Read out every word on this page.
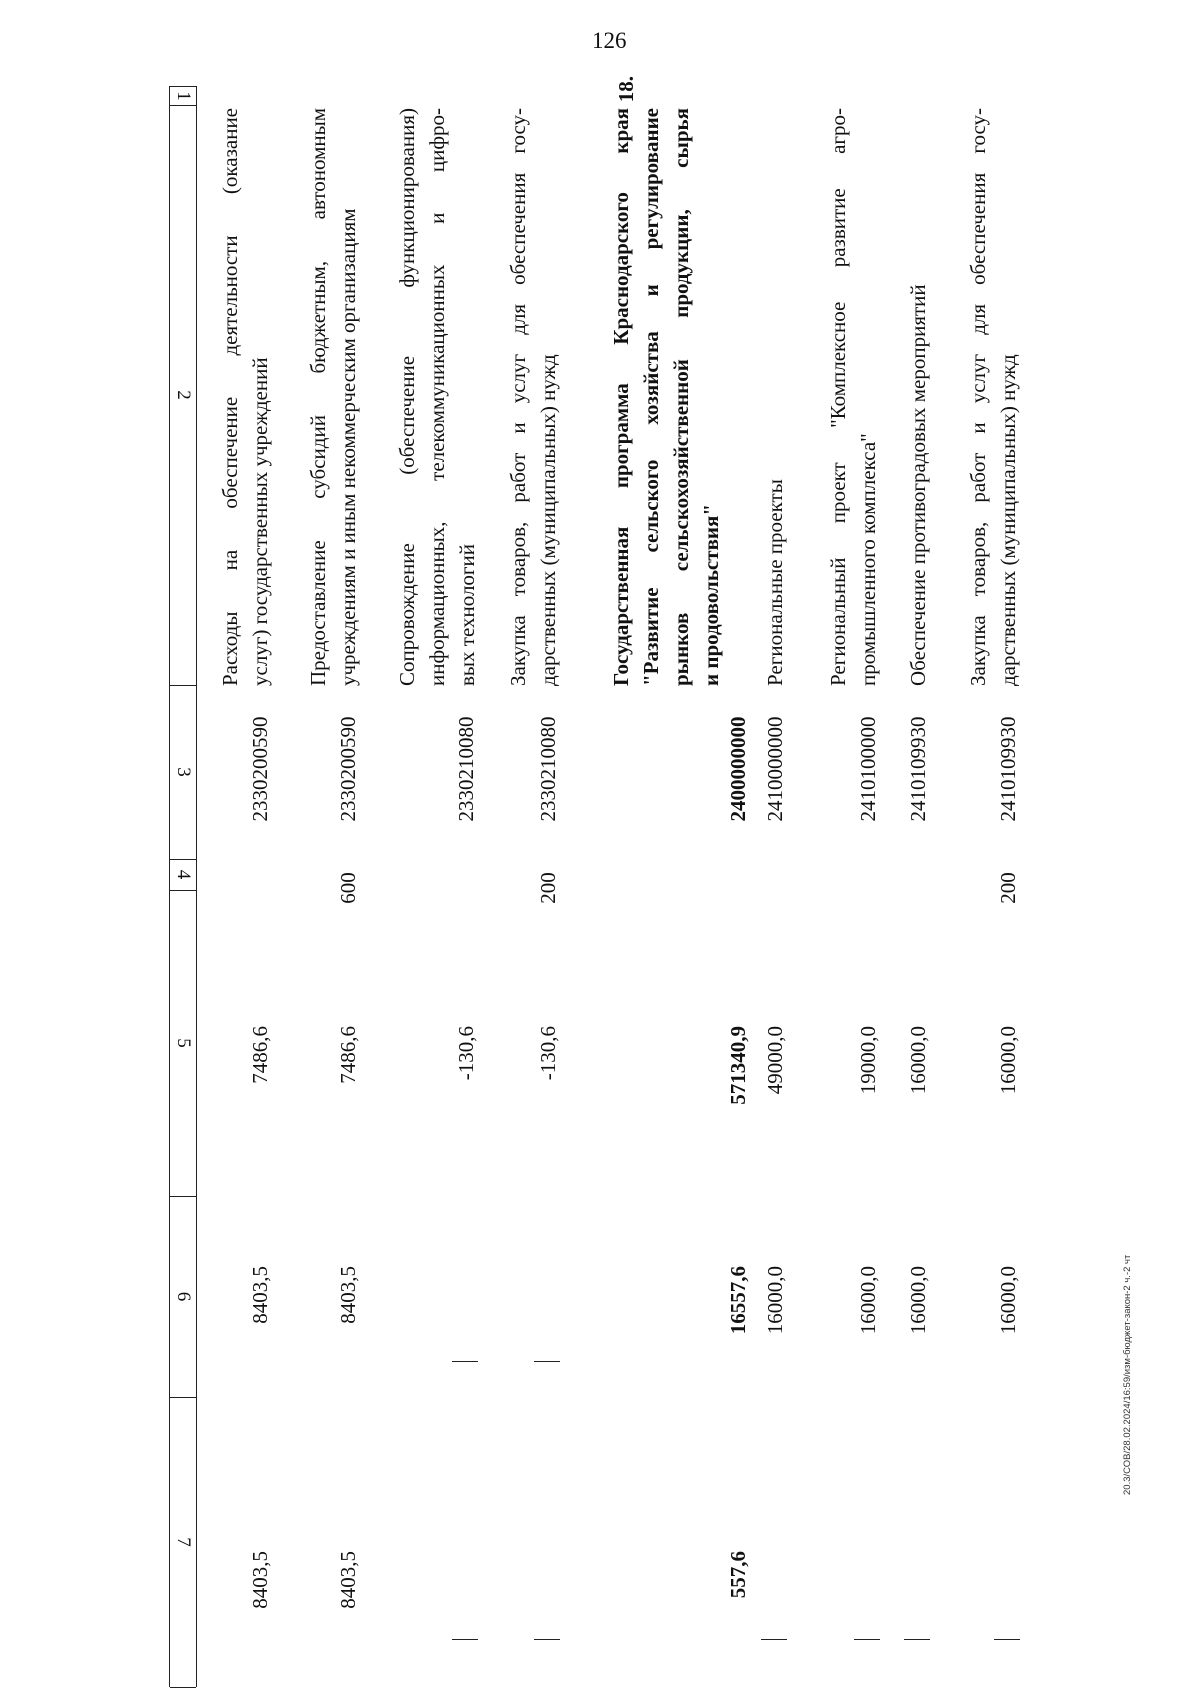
126
20.3/СОВ/28.02.2024/16:59/изм-бюджет-закон-2 ч.-2 чт
1
2
3
4
5
6
7
Расходы на обеспечение деятельности (оказание услуг) государственных учреждений
2330200590
7486,6
8403,5
8403,5
Предоставление субсидий бюджетным, автономным учреждениям и иным некоммерческим организациям
2330200590
600
7486,6
8403,5
8403,5
Сопровождение (обеспечение функционирования) информационных, телекоммуникационных и цифро- вых технологий
2330210080
-130,6
Закупка товаров, работ и услуг для обеспечения госу- дарственных (муниципальных) нужд
2330210080
200
-130,6
Государственная программа Краснодарского края "Развитие сельского хозяйства и регулирование рынков сельскохозяйственной продукции, сырья и продовольствия"
18.
2400000000
571340,9
16557,6
557,6
Региональные проекты
2410000000
49000,0
16000,0
Региональный проект "Комплексное развитие агро- промышленного комплекса"
2410100000
19000,0
16000,0
Обеспечение противоградовых мероприятий
2410109930
16000,0
16000,0
Закупка товаров, работ и услуг для обеспечения госу- дарственных (муниципальных) нужд
2410109930
200
16000,0
16000,0
